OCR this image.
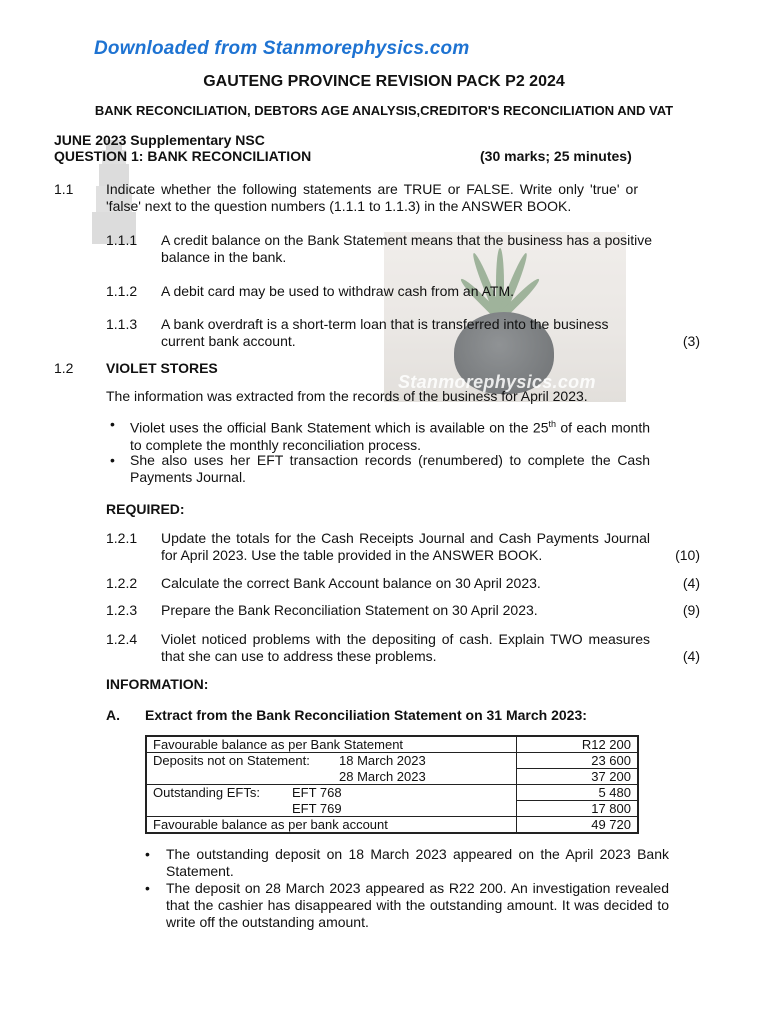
Stanmorephysics.com
Downloaded from Stanmorephysics.com
GAUTENG PROVINCE REVISION PACK P2 2024
BANK RECONCILIATION, DEBTORS AGE ANALYSIS,CREDITOR'S RECONCILIATION AND VAT
JUNE 2023 Supplementary NSC
QUESTION 1: BANK RECONCILIATION	(30 marks; 25 minutes)
1.1 Indicate whether the following statements are TRUE or FALSE. Write only 'true' or 'false' next to the question numbers (1.1.1 to 1.1.3) in the ANSWER BOOK.
1.1.1 A credit balance on the Bank Statement means that the business has a positive balance in the bank.
1.1.2 A debit card may be used to withdraw cash from an ATM.
1.1.3 A bank overdraft is a short-term loan that is transferred into the business current bank account.	(3)
1.2 VIOLET STORES
The information was extracted from the records of the business for April 2023.
• Violet uses the official Bank Statement which is available on the 25th of each month to complete the monthly reconciliation process.
• She also uses her EFT transaction records (renumbered) to complete the Cash Payments Journal.
REQUIRED:
1.2.1 Update the totals for the Cash Receipts Journal and Cash Payments Journal for April 2023. Use the table provided in the ANSWER BOOK.	(10)
1.2.2 Calculate the correct Bank Account balance on 30 April 2023.	(4)
1.2.3 Prepare the Bank Reconciliation Statement on 30 April 2023.	(9)
1.2.4 Violet noticed problems with the depositing of cash. Explain TWO measures that she can use to address these problems.	(4)
INFORMATION:
A. Extract from the Bank Reconciliation Statement on 31 March 2023:
Favourable balance as per Bank Statement	R12 200
Deposits not on Statement: 18 March 2023	23 600
28 March 2023	37 200
Outstanding EFTs: EFT 768	5 480
EFT 769	17 800
Favourable balance as per bank account	49 720
• The outstanding deposit on 18 March 2023 appeared on the April 2023 Bank Statement.
• The deposit on 28 March 2023 appeared as R22 200. An investigation revealed that the cashier has disappeared with the outstanding amount. It was decided to write off the outstanding amount.
